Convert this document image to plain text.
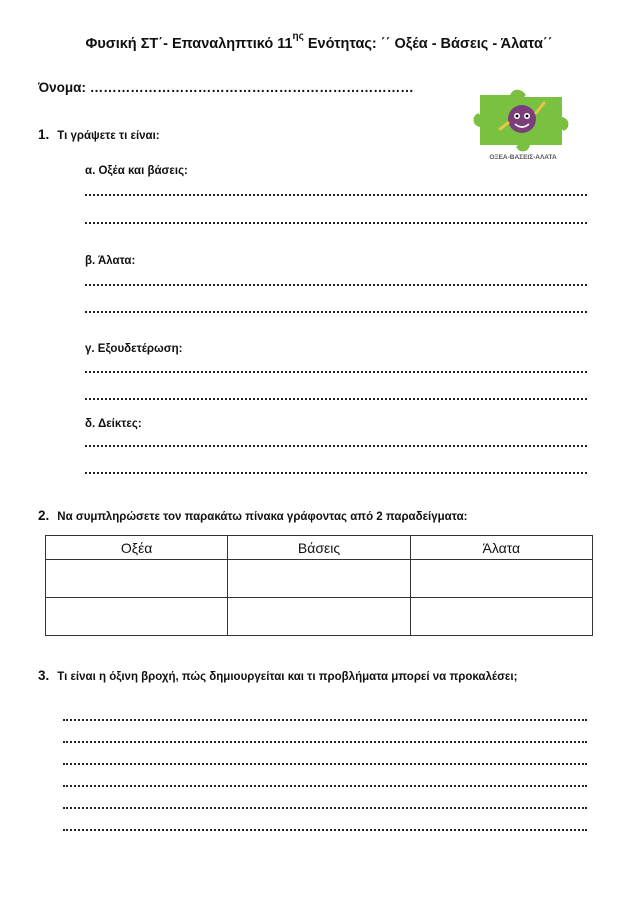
Φυσική ΣΤ΄- Επαναληπτικό $11^{\eta\varsigma}$ Ενότητας: ΄΄ Οξέα - Βάσεις - Άλατα΄΄
Όνομα: ………………………………………………………………
ΟΞΕΑ-ΒΑΣΕΙΣ-ΑΛΑΤΑ
1. Τι γράψετε τι είναι:
α. Οξέα και βάσεις:
β. Άλατα:
γ. Εξουδετέρωση:
δ. Δείκτες:
2. Να συμπληρώσετε τον παρακάτω πίνακα γράφοντας από 2 παραδείγματα:
Οξέα	Βάσεις	Άλατα

3. Τι είναι η όξινη βροχή, πώς δημιουργείται και τι προβλήματα μπορεί να προκαλέσει;
